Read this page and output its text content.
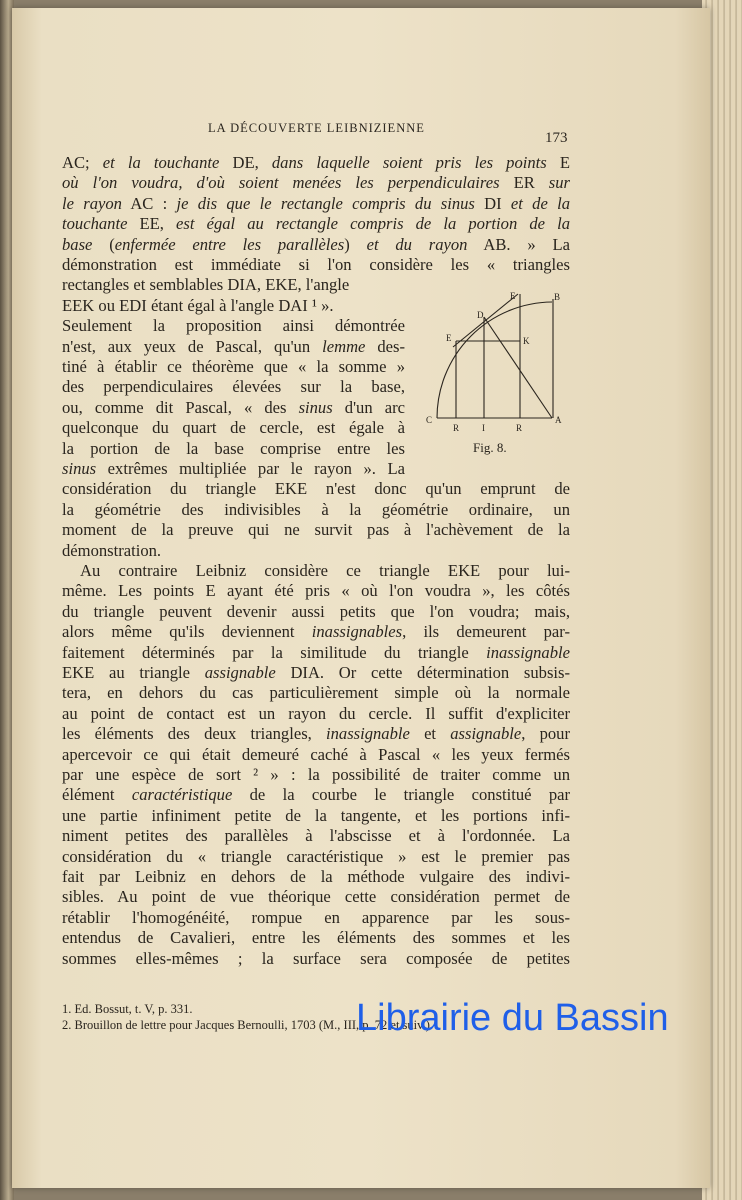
LA DÉCOUVERTE LEIBNIZIENNE
173
AC; et la touchante DE, dans laquelle soient pris les points E
où l'on voudra, d'où soient menées les perpendiculaires ER sur
le rayon AC : je dis que le rectangle compris du sinus DI et de la
touchante EE, est égal au rectangle compris de la portion de la
base (enfermée entre les parallèles) et du rayon AB. » La
démonstration est immédiate si l'on considère les « triangles
rectangles et semblables DIA, EKE, l'angle
EEK ou EDI étant égal à l'angle DAI ¹ ».
Seulement la proposition ainsi démontrée
n'est, aux yeux de Pascal, qu'un lemme des-
tiné à établir ce théorème que « la somme »
des perpendiculaires élevées sur la base,
ou, comme dit Pascal, « des sinus d'un arc
quelconque du quart de cercle, est égale à
la portion de la base comprise entre les
sinus extrêmes multipliée par le rayon ». La
considération du triangle EKE n'est donc qu'un emprunt de
la géométrie des indivisibles à la géométrie ordinaire, un
moment de la preuve qui ne survit pas à l'achèvement de la
démonstration.
Au contraire Leibniz considère ce triangle EKE pour lui-
même. Les points E ayant été pris « où l'on voudra », les côtés
du triangle peuvent devenir aussi petits que l'on voudra; mais,
alors même qu'ils deviennent inassignables, ils demeurent par-
faitement déterminés par la similitude du triangle inassignable
EKE au triangle assignable DIA. Or cette détermination subsis-
tera, en dehors du cas particulièrement simple où la normale
au point de contact est un rayon du cercle. Il suffit d'expliciter
les éléments des deux triangles, inassignable et assignable, pour
apercevoir ce qui était demeuré caché à Pascal « les yeux fermés
par une espèce de sort ² » : la possibilité de traiter comme un
élément caractéristique de la courbe le triangle constitué par
une partie infiniment petite de la tangente, et les portions infi-
niment petites des parallèles à l'abscisse et à l'ordonnée. La
considération du « triangle caractéristique » est le premier pas
fait par Leibniz en dehors de la méthode vulgaire des indivi-
sibles. Au point de vue théorique cette considération permet de
rétablir l'homogénéité, rompue en apparence par les sous-
entendus de Cavalieri, entre les éléments des sommes et les
sommes elles-mêmes ; la surface sera composée de petites
C	A
B
D
E
E	K
R	I	R
Fig. 8.
1. Ed. Bossut, t. V, p. 331.
2. Brouillon de lettre pour Jacques Bernoulli, 1703 (M., III, p. 72 et suiv.).
Librairie du Bassin
